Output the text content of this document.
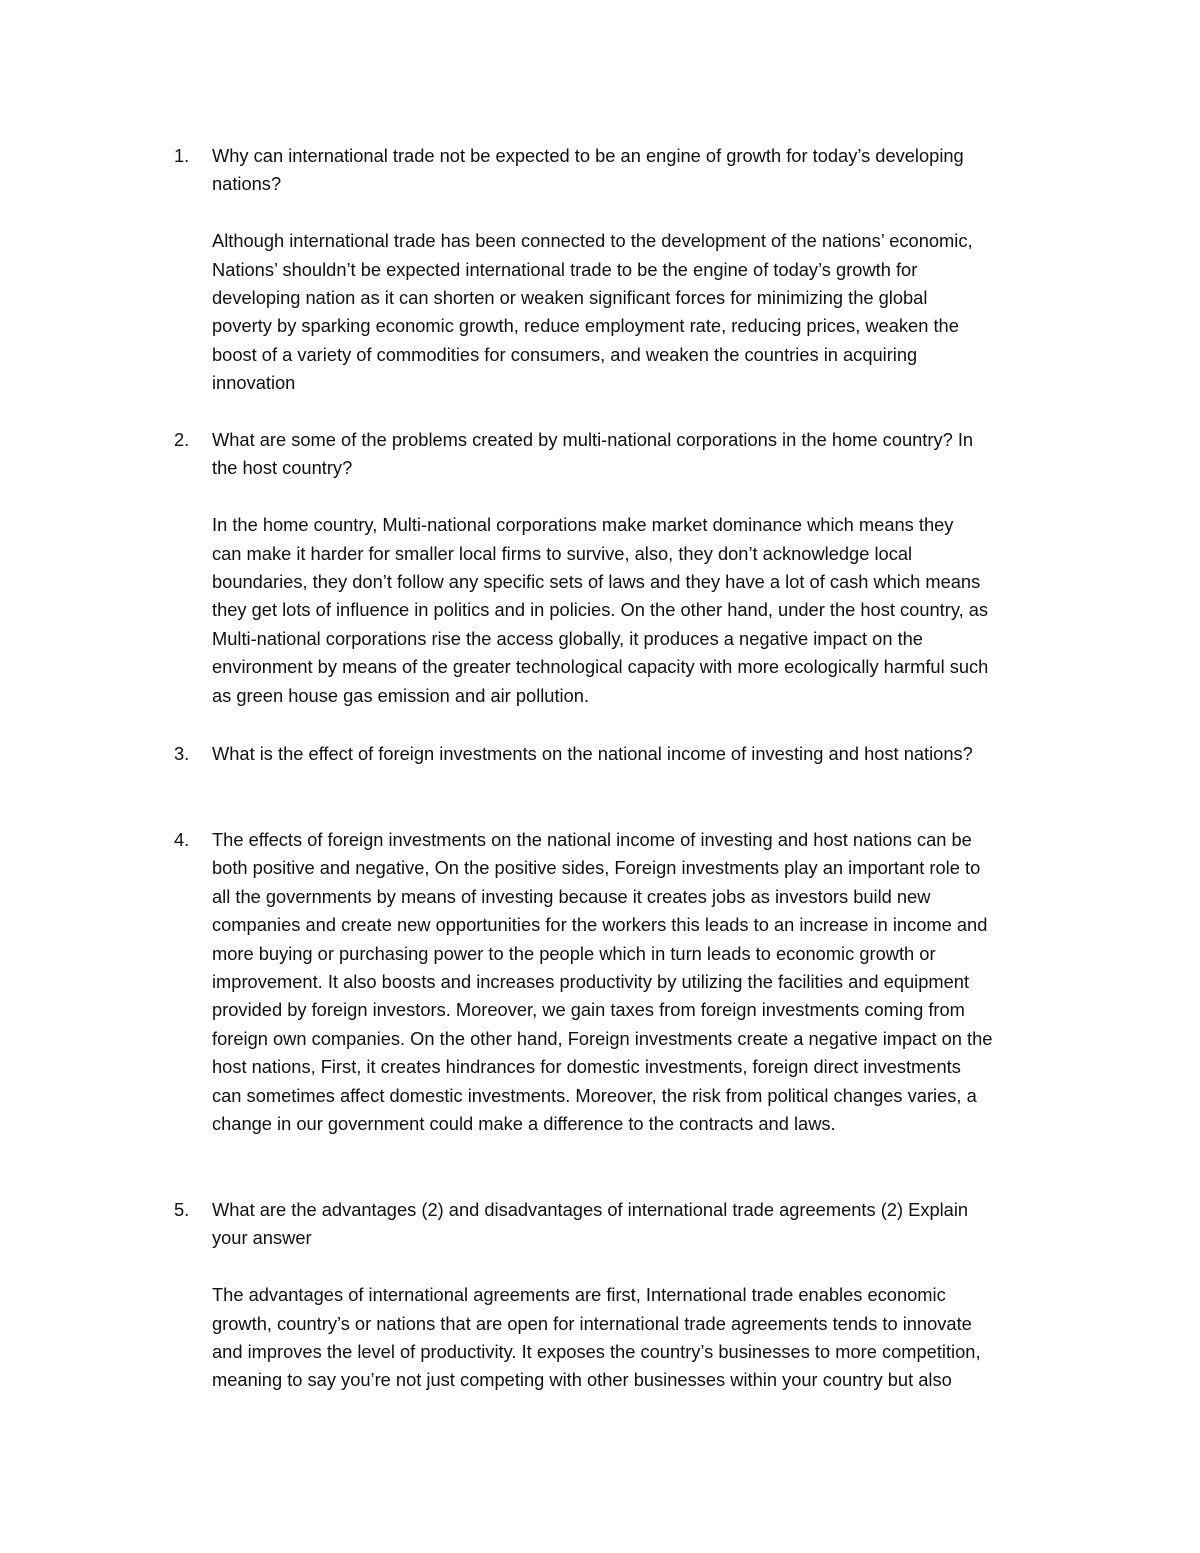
1.	Why can international trade not be expected to be an engine of growth for today’s developing
nations?

Although international trade has been connected to the development of the nations’ economic,
Nations’ shouldn’t be expected international trade to be the engine of today’s growth for
developing nation as it can shorten or weaken significant forces for minimizing the global
poverty by sparking economic growth, reduce employment rate, reducing prices, weaken the
boost of a variety of commodities for consumers, and weaken the countries in acquiring
innovation

2.	What are some of the problems created by multi-national corporations in the home country? In
the host country?

In the home country, Multi-national corporations make market dominance which means they
can make it harder for smaller local firms to survive, also, they don’t acknowledge local
boundaries, they don’t follow any specific sets of laws and they have a lot of cash which means
they get lots of influence in politics and in policies. On the other hand, under the host country, as
Multi-national corporations rise the access globally, it produces a negative impact on the
environment by means of the greater technological capacity with more ecologically harmful such
as green house gas emission and air pollution.

3.	What is the effect of foreign investments on the national income of investing and host nations?

4.	The effects of foreign investments on the national income of investing and host nations can be
both positive and negative, On the positive sides, Foreign investments play an important role to
all the governments by means of investing because it creates jobs as investors build new
companies and create new opportunities for the workers this leads to an increase in income and
more buying or purchasing power to the people which in turn leads to economic growth or
improvement. It also boosts and increases productivity by utilizing the facilities and equipment
provided by foreign investors. Moreover, we gain taxes from foreign investments coming from
foreign own companies. On the other hand, Foreign investments create a negative impact on the
host nations, First, it creates hindrances for domestic investments, foreign direct investments
can sometimes affect domestic investments. Moreover, the risk from political changes varies, a
change in our government could make a difference to the contracts and laws.

5.	What are the advantages (2) and disadvantages of international trade agreements (2) Explain
your answer

The advantages of international agreements are first, International trade enables economic
growth, country’s or nations that are open for international trade agreements tends to innovate
and improves the level of productivity. It exposes the country’s businesses to more competition,
meaning to say you’re not just competing with other businesses within your country but also
